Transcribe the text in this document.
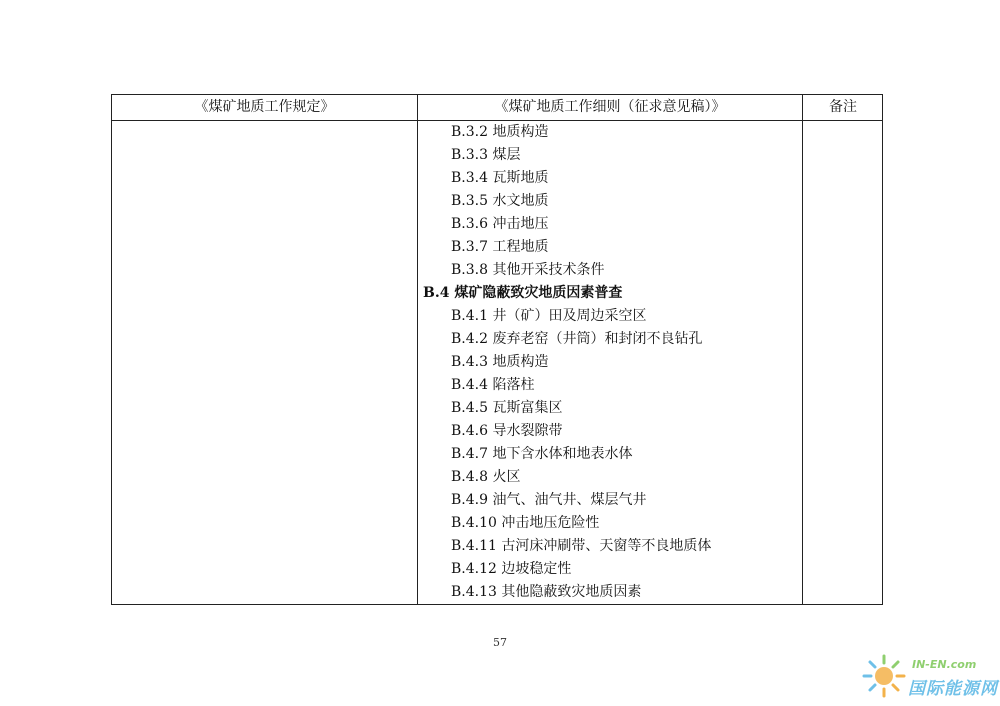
《煤矿地质工作规定》	《煤矿地质工作细则（征求意见稿）》	备注
B.3.2 地质构造
B.3.3 煤层
B.3.4 瓦斯地质
B.3.5 水文地质
B.3.6 冲击地压
B.3.7 工程地质
B.3.8 其他开采技术条件
B.4 煤矿隐蔽致灾地质因素普查
B.4.1 井（矿）田及周边采空区
B.4.2 废弃老窑（井筒）和封闭不良钻孔
B.4.3 地质构造
B.4.4 陷落柱
B.4.5 瓦斯富集区
B.4.6 导水裂隙带
B.4.7 地下含水体和地表水体
B.4.8 火区
B.4.9 油气、油气井、煤层气井
B.4.10 冲击地压危险性
B.4.11 古河床冲刷带、天窗等不良地质体
B.4.12 边坡稳定性
B.4.13 其他隐蔽致灾地质因素
57
IN-EN.com
国际能源网
